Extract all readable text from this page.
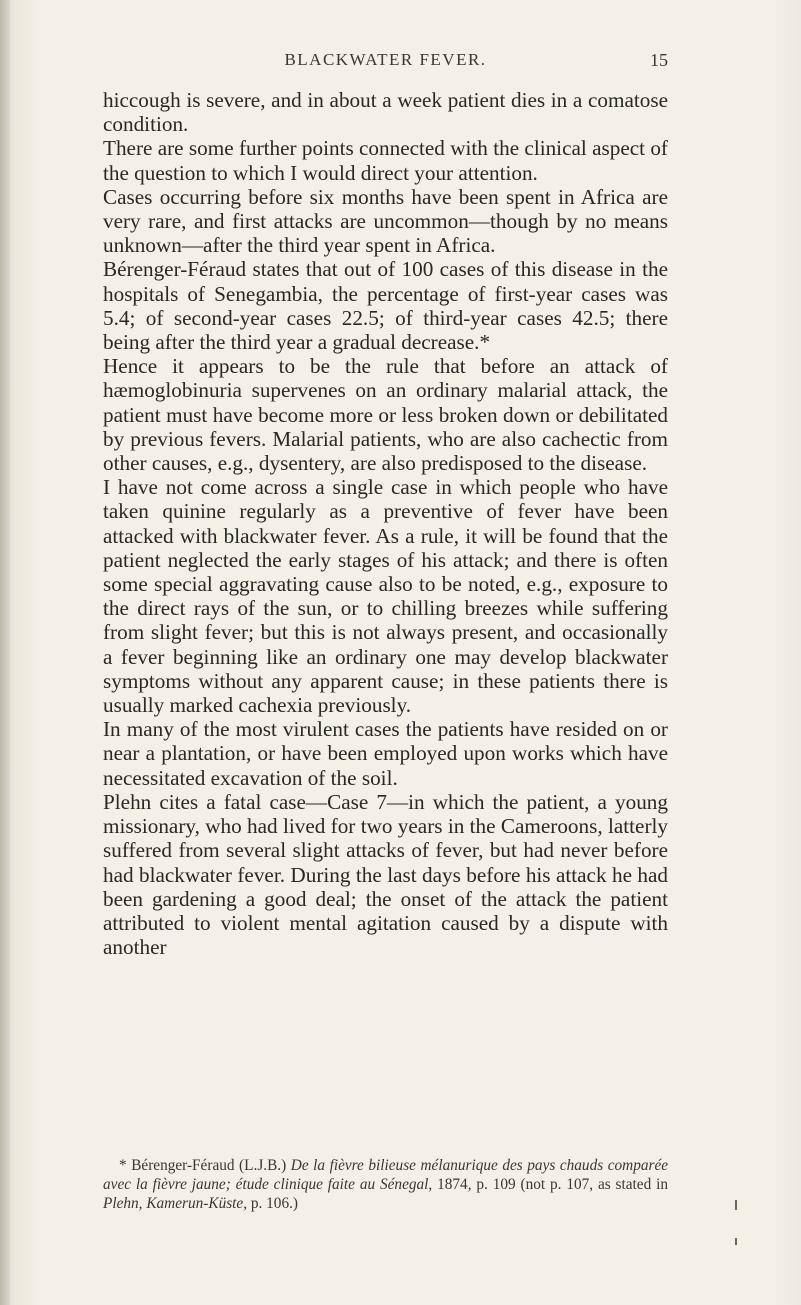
BLACKWATER FEVER.	15

hiccough is severe, and in about a week patient dies in a comatose condition.

There are some further points connected with the clinical aspect of the question to which I would direct your attention.

Cases occurring before six months have been spent in Africa are very rare, and first attacks are uncommon—though by no means unknown—after the third year spent in Africa.

Bérenger-Féraud states that out of 100 cases of this disease in the hospitals of Senegambia, the percentage of first-year cases was 5.4; of second-year cases 22.5; of third-year cases 42.5; there being after the third year a gradual decrease.*

Hence it appears to be the rule that before an attack of hæmoglobinuria supervenes on an ordinary malarial attack, the patient must have become more or less broken down or debilitated by previous fevers. Malarial patients, who are also cachectic from other causes, e.g., dysentery, are also predisposed to the disease.

I have not come across a single case in which people who have taken quinine regularly as a preventive of fever have been attacked with blackwater fever. As a rule, it will be found that the patient neglected the early stages of his attack; and there is often some special aggravating cause also to be noted, e.g., exposure to the direct rays of the sun, or to chilling breezes while suffering from slight fever; but this is not always present, and occasionally a fever beginning like an ordinary one may develop blackwater symptoms without any apparent cause; in these patients there is usually marked cachexia previously.

In many of the most virulent cases the patients have resided on or near a plantation, or have been employed upon works which have necessitated excavation of the soil.

Plehn cites a fatal case—Case 7—in which the patient, a young missionary, who had lived for two years in the Cameroons, latterly suffered from several slight attacks of fever, but had never before had blackwater fever. During the last days before his attack he had been gardening a good deal; the onset of the attack the patient attributed to violent mental agitation caused by a dispute with another

* Bérenger-Féraud (L.J.B.) De la fièvre bilieuse mélanurique des pays chauds comparée avec la fièvre jaune; étude clinique faite au Sénegal, 1874, p. 109 (not p. 107, as stated in Plehn, Kamerun-Küste, p. 106.)
